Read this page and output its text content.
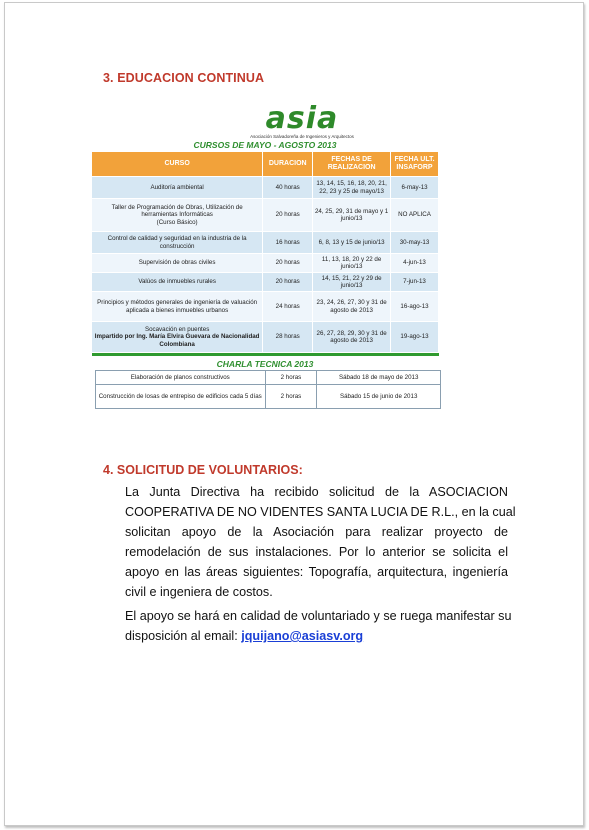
3. EDUCACION CONTINUA
asia
Asociación Salvadoreña de Ingenieros y Arquitectos
CURSOS DE MAYO - AGOSTO 2013
CURSO	DURACION	FECHAS DE REALIZACION	FECHA ULT. INSAFORP
Auditoría ambiental	40 horas	13, 14, 15, 16, 18, 20, 21, 22, 23 y 25 de mayo/13	6-may-13

Taller de Programación de Obras, Utilización de herramientas Informáticas
(Curso Básico)	20 horas	24, 25, 29, 31 de mayo y 1 junio/13	NO APLICA
Control de calidad y seguridad en la industria de la construcción	16 horas	6, 8, 13 y 15 de junio/13	30-may-13
Supervisión de obras civiles	20 horas	11, 13, 18, 20 y 22 de junio/13	4-jun-13
Valúos de inmuebles rurales	20 horas	14, 15, 21, 22 y 29 de junio/13	7-jun-13
Principios y métodos generales de ingeniería de valuación aplicada a bienes inmuebles urbanos	24 horas	23, 24, 26, 27, 30 y 31 de agosto de 2013	16-ago-13

Socavación en puentes
Impartido por Ing. María Elvira Guevara de Nacionalidad Colombiana	28 horas	26, 27, 28, 29, 30 y 31 de agosto de 2013	19-ago-13

CHARLA TECNICA 2013
Elaboración de planos constructivos	2 horas	Sábado 18 de mayo de 2013
Construcción de losas de entrepiso de edificios cada 5 días	2 horas	Sábado 15 de junio de 2013
4. SOLICITUD DE VOLUNTARIOS:
La Junta Directiva ha recibido solicitud de la ASOCIACION
COOPERATIVA DE NO VIDENTES SANTA LUCIA DE R.L., en la cual
solicitan apoyo de la Asociación para realizar proyecto de
remodelación de sus instalaciones. Por lo anterior se solicita el
apoyo en las áreas siguientes: Topografía, arquitectura, ingeniería
civil e ingeniera de costos.
El apoyo se hará en calidad de voluntariado y se ruega manifestar su
disposición al email: jquijano@asiasv.org
